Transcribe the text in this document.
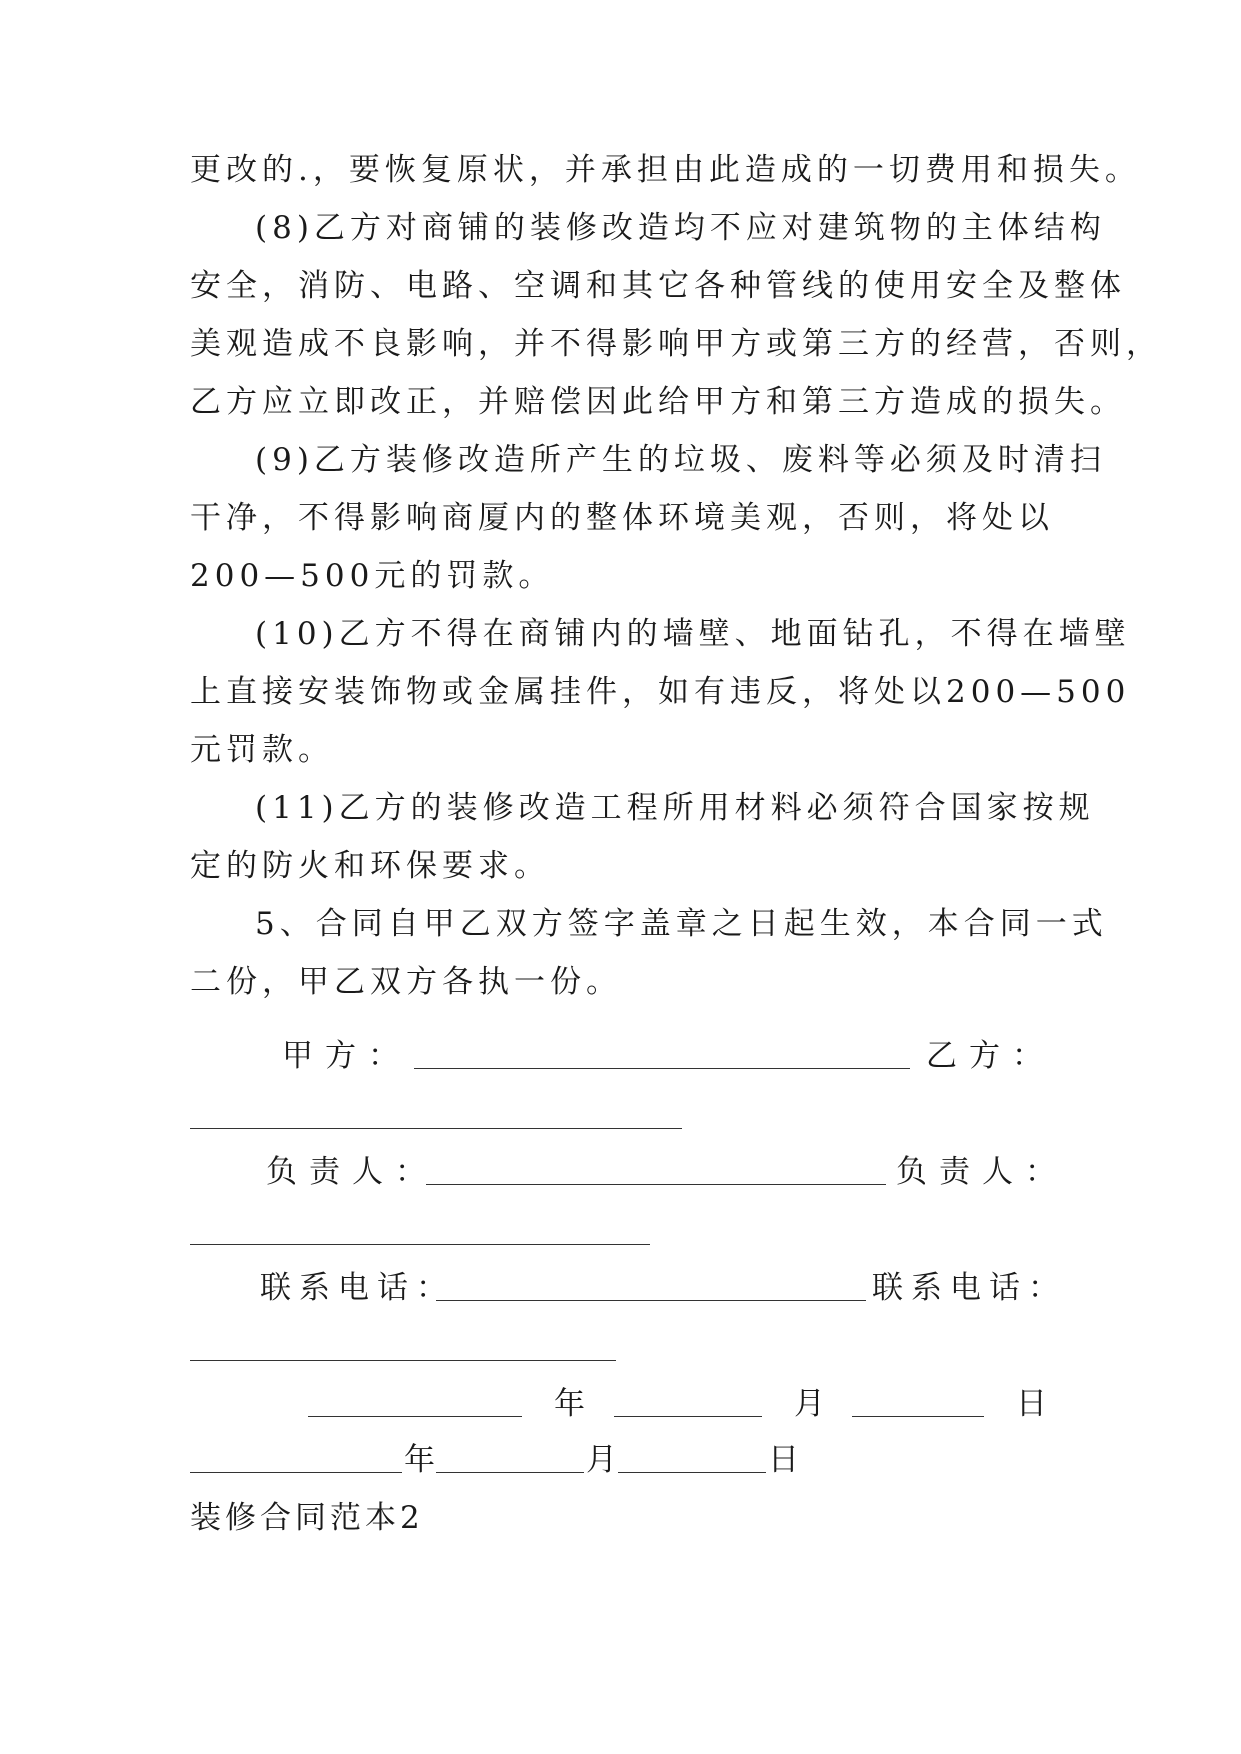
更改的.，要恢复原状，并承担由此造成的一切费用和损失。
(8)乙方对商铺的装修改造均不应对建筑物的主体结构
安全，消防、电路、空调和其它各种管线的使用安全及整体
美观造成不良影响，并不得影响甲方或第三方的经营，否则，
乙方应立即改正，并赔偿因此给甲方和第三方造成的损失。
(9)乙方装修改造所产生的垃圾、废料等必须及时清扫
干净，不得影响商厦内的整体环境美观，否则，将处以
200—500元的罚款。
(10)乙方不得在商铺内的墙壁、地面钻孔，不得在墙壁
上直接安装饰物或金属挂件，如有违反，将处以200—500
元罚款。
(11)乙方的装修改造工程所用材料必须符合国家按规
定的防火和环保要求。
5、合同自甲乙双方签字盖章之日起生效，本合同一式
二份，甲乙双方各执一份。
甲方：	乙方：
负责人：	负责人：
联系电话：	联系电话：
年	月	日
年	月	日
装修合同范本2
